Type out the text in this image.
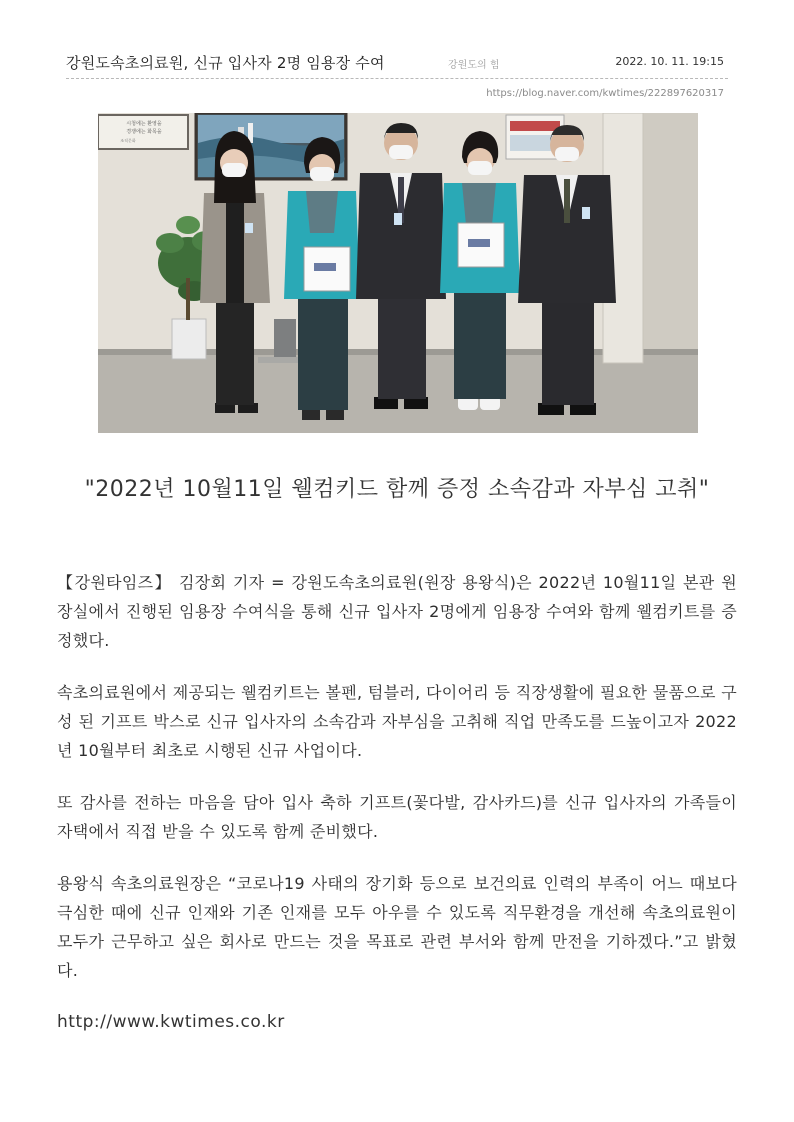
강원도속초의료원, 신규 입사자 2명 임용장 수여	강원도의 힘	2022. 10. 11. 19:15
https://blog.naver.com/kwtimes/222897620317
시청에는 환영을
경쟁에는 화목을
조직문화
"2022년 10월11일 웰컴키드 함께 증정 소속감과 자부심 고취"

【강원타임즈】 김장회 기자 = 강원도속초의료원(원장 용왕식)은 2022년 10월11일 본관 원장실에서 진행된 임용장 수여식을 통해 신규 입사자 2명에게 임용장 수여와 함께 웰컴키트를 증정했다.

속초의료원에서 제공되는 웰컴키트는 볼펜, 텀블러, 다이어리 등 직장생활에 필요한 물품으로 구성 된 기프트 박스로 신규 입사자의 소속감과 자부심을 고취해 직업 만족도를 드높이고자 2022년 10월부터 최초로 시행된 신규 사업이다.

또 감사를 전하는 마음을 담아 입사 축하 기프트(꽃다발, 감사카드)를 신규 입사자의 가족들이 자택에서 직접 받을 수 있도록 함께 준비했다.

용왕식 속초의료원장은 “코로나19 사태의 장기화 등으로 보건의료 인력의 부족이 어느 때보다 극심한 때에 신규 인재와 기존 인재를 모두 아우를 수 있도록 직무환경을 개선해 속초의료원이 모두가 근무하고 싶은 회사로 만드는 것을 목표로 관련 부서와 함께 만전을 기하겠다.”고 밝혔다.

http://www.kwtimes.co.kr
